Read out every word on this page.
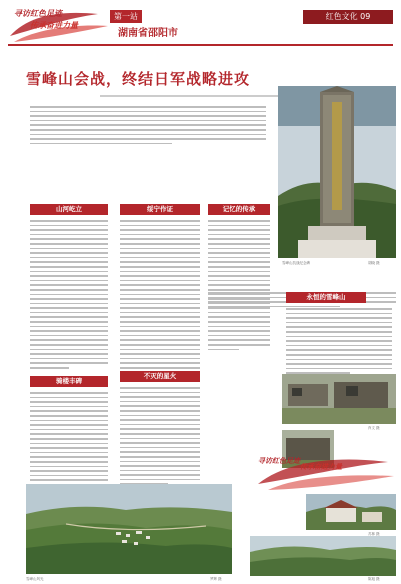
寻访红色足迹
传承奋进力量
第一站
湖南省邵阳市
红色文化 09
雪峰山会战，终结日军战略进攻
雪峰山抗战纪念碑	胡晓 摄
山河屹立
骑楼丰碑
绥宁作证
不灭的星火
记忆的传承
永恒的雪峰山
肖文 摄
寻访红色足迹
传承奋进力量
苏林 摄
雪峰山风光	罗辉 摄	陈旭 摄
